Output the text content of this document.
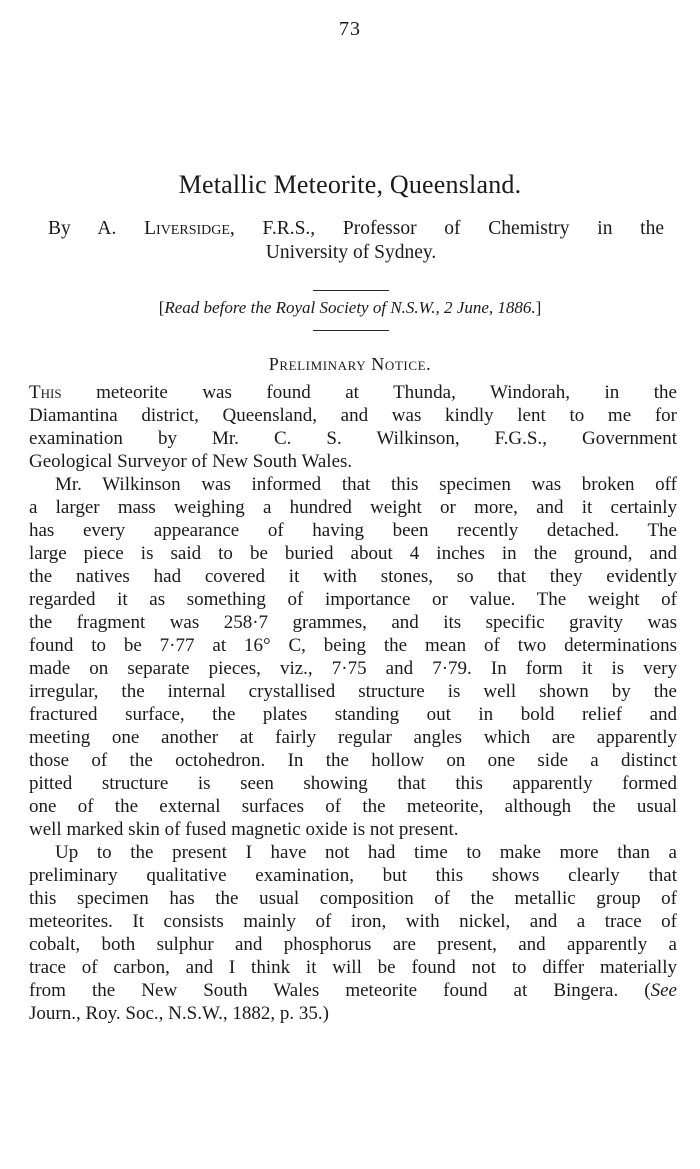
73
Metallic Meteorite, Queensland.
By A. Liversidge, F.R.S., Professor of Chemistry in the
University of Sydney.
[Read before the Royal Society of N.S.W., 2 June, 1886.]
Preliminary Notice.
This meteorite was found at Thunda, Windorah, in the
Diamantina district, Queensland, and was kindly lent to me for
examination by Mr. C. S. Wilkinson, F.G.S., Government
Geological Surveyor of New South Wales.
Mr. Wilkinson was informed that this specimen was broken off
a larger mass weighing a hundred weight or more, and it certainly
has every appearance of having been recently detached. The
large piece is said to be buried about 4 inches in the ground, and
the natives had covered it with stones, so that they evidently
regarded it as something of importance or value. The weight of
the fragment was 258·7 grammes, and its specific gravity was
found to be 7·77 at 16° C, being the mean of two determinations
made on separate pieces, viz., 7·75 and 7·79. In form it is very
irregular, the internal crystallised structure is well shown by the
fractured surface, the plates standing out in bold relief and
meeting one another at fairly regular angles which are apparently
those of the octohedron. In the hollow on one side a distinct
pitted structure is seen showing that this apparently formed
one of the external surfaces of the meteorite, although the usual
well marked skin of fused magnetic oxide is not present.
Up to the present I have not had time to make more than a
preliminary qualitative examination, but this shows clearly that
this specimen has the usual composition of the metallic group of
meteorites. It consists mainly of iron, with nickel, and a trace of
cobalt, both sulphur and phosphorus are present, and apparently a
trace of carbon, and I think it will be found not to differ materially
from the New South Wales meteorite found at Bingera. (See
Journ., Roy. Soc., N.S.W., 1882, p. 35.)
